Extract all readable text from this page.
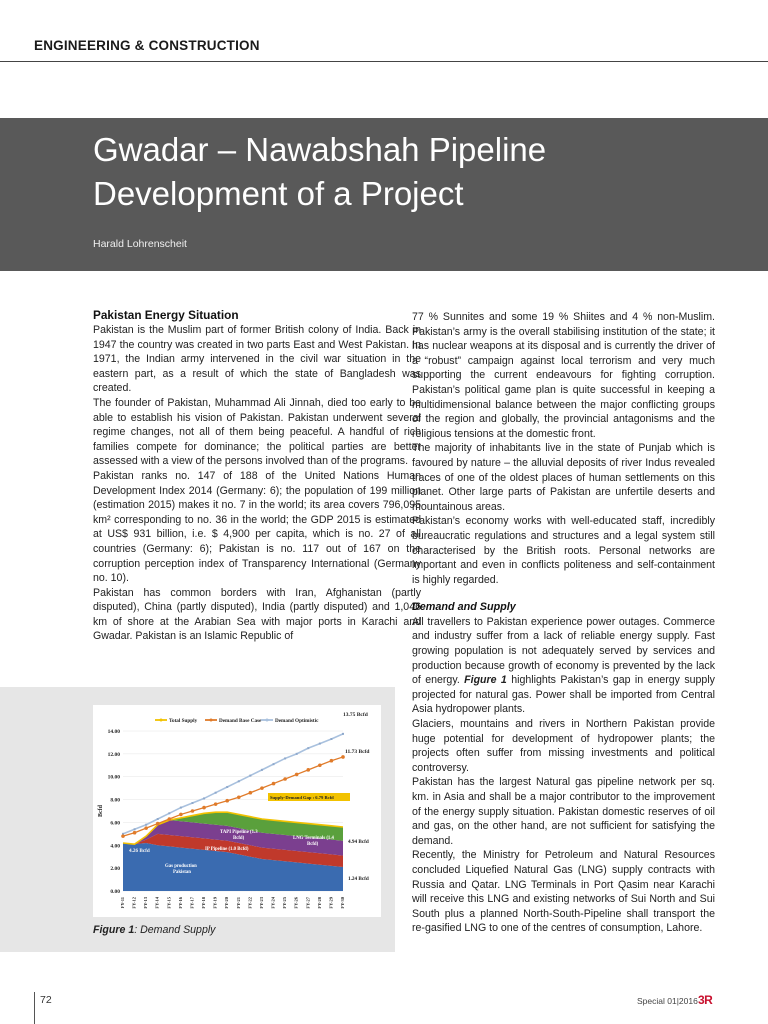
ENGINEERING & CONSTRUCTION
Gwadar – Nawabshah Pipeline
Development of a Project
Harald Lohrenscheit
Pakistan Energy Situation

Pakistan is the Muslim part of former British colony of India. Back in 1947 the country was created in two parts East and West Pakistan. In 1971, the Indian army intervened in the civil war situation in the eastern part, as a result of which the state of Bangladesh was created.

The founder of Pakistan, Muhammad Ali Jinnah, died too early to be able to establish his vision of Pakistan. Pakistan underwent several regime changes, not all of them being peaceful. A handful of rich families compete for dominance; the political parties are better assessed with a view of the persons involved than of the programs.

Pakistan ranks no. 147 of 188 of the United Nations Human Development Index 2014 (Germany: 6); the population of 199 million (estimation 2015) makes it no. 7 in the world; its area covers 796,095 km² corresponding to no. 36 in the world; the GDP 2015 is estimated at US$ 931 billion, i.e. $ 4,900 per capita, which is no. 27 of all countries (Germany: 6); Pakistan is no. 117 out of 167 on the corruption perception index of Transparency International (Germany no. 10).

Pakistan has common borders with Iran, Afghanistan (partly disputed), China (partly disputed), India (partly disputed) and 1,046 km of shore at the Arabian Sea with major ports in Karachi and Gwadar. Pakistan is an Islamic Republic of

77 % Sunnites and some 19 % Shiites and 4 % non-Muslim. Pakistan’s army is the overall stabilising institution of the state; it has nuclear weapons at its disposal and is currently the driver of a “robust” campaign against local terrorism and very much supporting the current endeavours for fighting corruption. Pakistan’s political game plan is quite successful in keeping a multidimensional balance between the major conflicting groups of the region and globally, the provincial antagonisms and the religious tensions at the domestic front.

The majority of inhabitants live in the state of Punjab which is favoured by nature – the alluvial deposits of river Indus revealed traces of one of the oldest places of human settlements on this planet. Other large parts of Pakistan are unfertile deserts and mountainous areas.

Pakistan’s economy works with well-educated staff, incredibly bureaucratic regulations and structures and a legal system still characterised by the British roots. Personal networks are important and even in conflicts politeness and self-containment is highly regarded.

Demand and Supply

All travellers to Pakistan experience power outages. Commerce and industry suffer from a lack of reliable energy supply. Fast growing population is not adequately served by services and production because growth of economy is prevented by the lack of energy. Figure 1 highlights Pakistan’s gap in energy supply projected for natural gas. Power shall be imported from Central Asia hydropower plants.

Glaciers, mountains and rivers in Northern Pakistan provide huge potential for development of hydropower plants; the projects often suffer from missing investments and political controversy.

Pakistan has the largest Natural gas pipeline network per sq. km. in Asia and shall be a major contributor to the improvement of the energy supply situation. Pakistan domestic reserves of oil and gas, on the other hand, are not sufficient for satisfying the demand.

Recently, the Ministry for Petroleum and Natural Resources concluded Liquefied Natural Gas (LNG) supply contracts with Russia and Qatar. LNG Terminals in Port Qasim near Karachi will receive this LNG and existing networks of Sui North and Sui South plus a planned North-South-Pipeline shall transport the re-gasified LNG to one of the centres of consumption, Lahore.

0.00
2.00
4.00
6.00
8.00
10.00
12.00
14.00
Bcfd
FY-11 FY-12 FY-13 FY-14 FY-15 FY-16 FY-17 FY-18 FY-19 FY-20 FY-21 FY-22 FY-23 FY-24 FY-25 FY-26 FY-27 FY-28 FY-29 FY-30
Total Supply	Demand Base Case	Demand Optimistic
13.75 Bcfd
11.73 Bcfd
Supply-Demand Gap : 6.79 Bcfd
4.94 Bcfd
4.26 Bcfd
1.24 Bcfd
TAPI Pipeline (1.3
Bcfd)
IP Pipeline (1.0 Bcfd)
LNG Terminals (1.4
Bcfd)
Gas production
Pakistan
Figure 1: Demand Supply
72	Special 01|2016 3R
